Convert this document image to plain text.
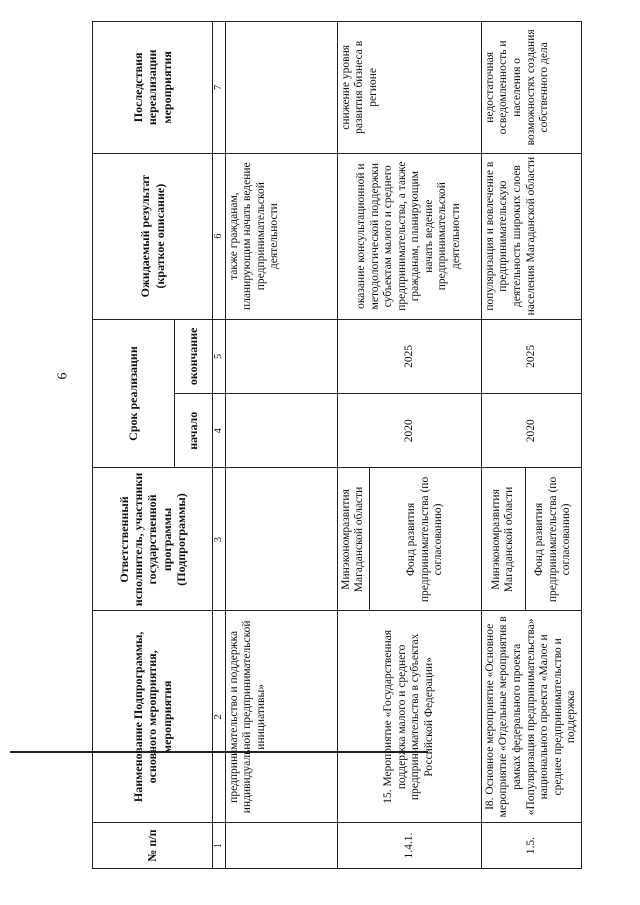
6
№ п/п	Наименование Подпрограммы, основного мероприятия, мероприятия	Ответственный исполнитель, участники государственной программы (Подпрограммы)	Срок реализации		Ожидаемый результат (краткое описание)	Последствия нереализации мероприятия
			начало	окончание		
1	2	3	4	5	6	7
	предпринимательство и поддержка индивидуальной предпринимательской инициативы»				также гражданам, планирующим начать ведение предпринимательской деятельности	
1.4.1.	15. Мероприятие «Государственная поддержка малого и среднего предпринимательства в субъектах Российской Федерации»	Минэкономразвития Магаданской области	2020	2025	оказание консультационной и методологической поддержки субъектам малого и среднего предпринимательства, а также гражданам, планирующим начать ведение предпринимательской деятельности	снижение уровня развития бизнеса в регионе
		Фонд развития предпринимательства (по согласованию)				
1.5.	I8. Основное мероприятие «Основное мероприятие «Отдельные мероприятия в рамках федерального проекта «Популяризация предпринимательства» национального проекта «Малое и среднее предпринимательство и поддержка	Минэкономразвития Магаданской области	2020	2025	популяризация и вовлечение в предпринимательскую деятельность широких слоев населения Магаданской области	недостаточная осведомленность и населения о возможностях создания собственного дела
		Фонд развития предпринимательства (по согласованию)				
